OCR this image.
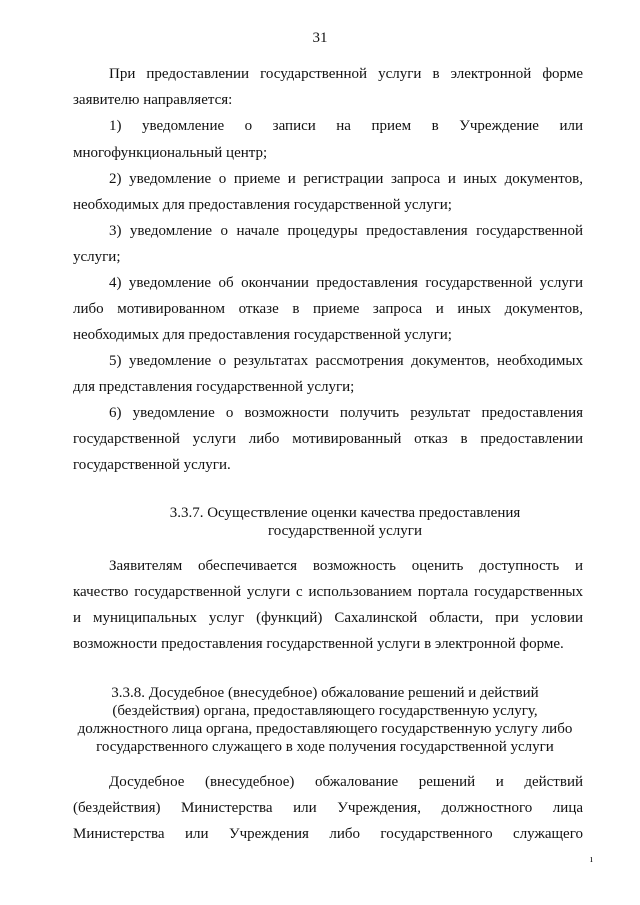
31
При предоставлении государственной услуги в электронной форме
заявителю направляется:
1) уведомление о записи на прием в Учреждение или
многофункциональный центр;
2) уведомление о приеме и регистрации запроса и иных документов,
необходимых для предоставления государственной услуги;
3) уведомление о начале процедуры предоставления государственной
услуги;
4) уведомление об окончании предоставления государственной услуги
либо мотивированном отказе в приеме запроса и иных документов,
необходимых для предоставления государственной услуги;
5) уведомление о результатах рассмотрения документов, необходимых
для представления государственной услуги;
6) уведомление о возможности получить результат предоставления
государственной услуги либо мотивированный отказ в предоставлении
государственной услуги.
3.3.7. Осуществление оценки качества предоставления
государственной услуги
Заявителям обеспечивается возможность оценить доступность и
качество государственной услуги с использованием портала государственных
и муниципальных услуг (функций) Сахалинской области, при условии
возможности предоставления государственной услуги в электронной форме.
3.3.8. Досудебное (внесудебное) обжалование решений и действий
(бездействия) органа, предоставляющего государственную услугу,
должностного лица органа, предоставляющего государственную услугу либо
государственного служащего в ходе получения государственной услуги
Досудебное (внесудебное) обжалование решений и действий
(бездействия) Министерства или Учреждения, должностного лица
Министерства или Учреждения либо государственного служащего
ı
